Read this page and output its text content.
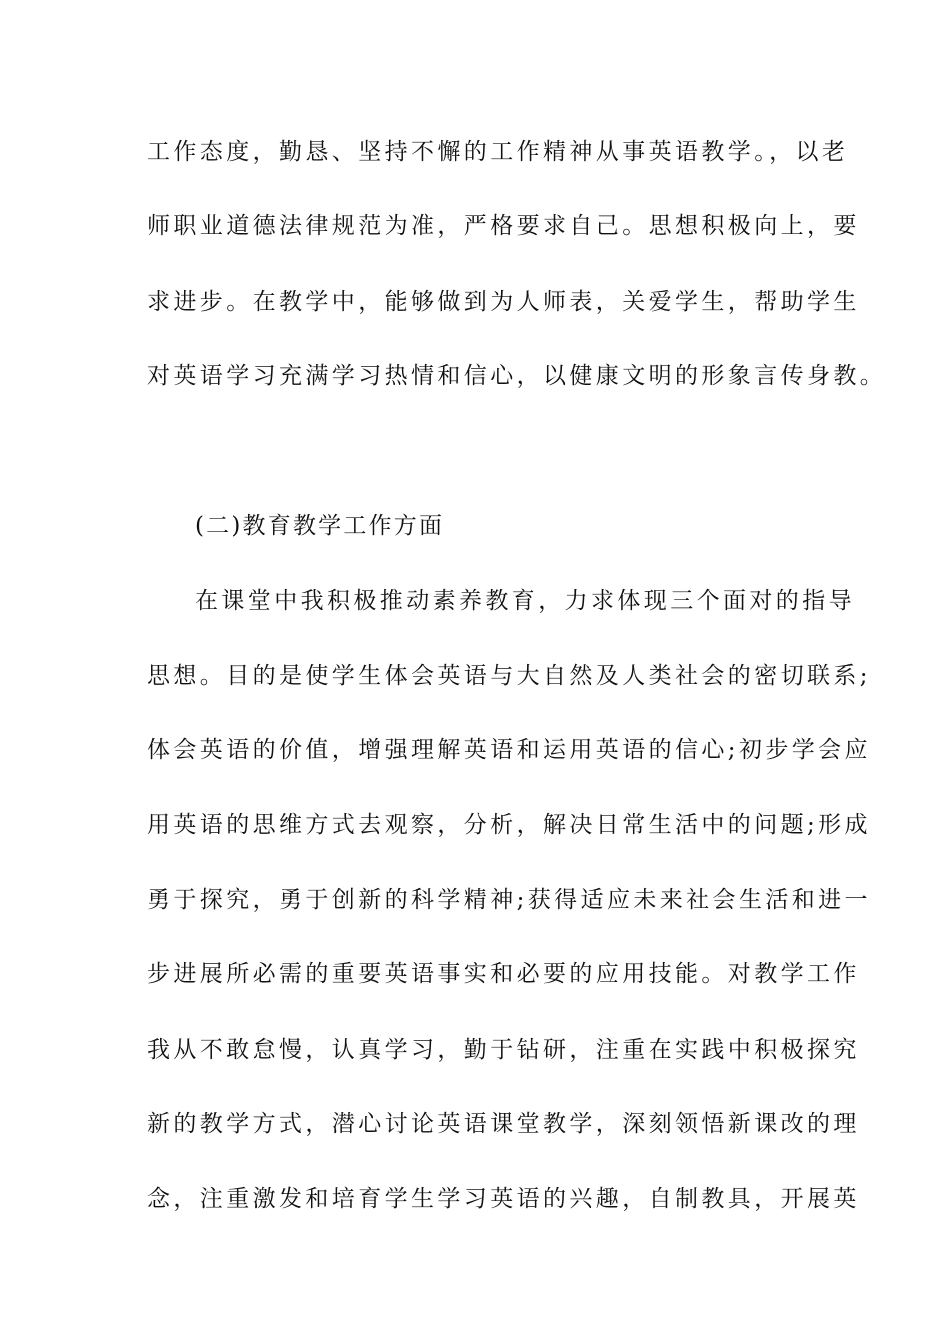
工作态度，勤恳、坚持不懈的工作精神从事英语教学。，以老
师职业道德法律规范为准，严格要求自己。思想积极向上，要
求进步。在教学中，能够做到为人师表，关爱学生，帮助学生
对英语学习充满学习热情和信心，以健康文明的形象言传身教。
(二)教育教学工作方面
在课堂中我积极推动素养教育，力求体现三个面对的指导
思想。目的是使学生体会英语与大自然及人类社会的密切联系;
体会英语的价值，增强理解英语和运用英语的信心;初步学会应
用英语的思维方式去观察，分析，解决日常生活中的问题;形成
勇于探究，勇于创新的科学精神;获得适应未来社会生活和进一
步进展所必需的重要英语事实和必要的应用技能。对教学工作
我从不敢怠慢，认真学习，勤于钻研，注重在实践中积极探究
新的教学方式，潜心讨论英语课堂教学，深刻领悟新课改的理
念，注重激发和培育学生学习英语的兴趣，自制教具，开展英
